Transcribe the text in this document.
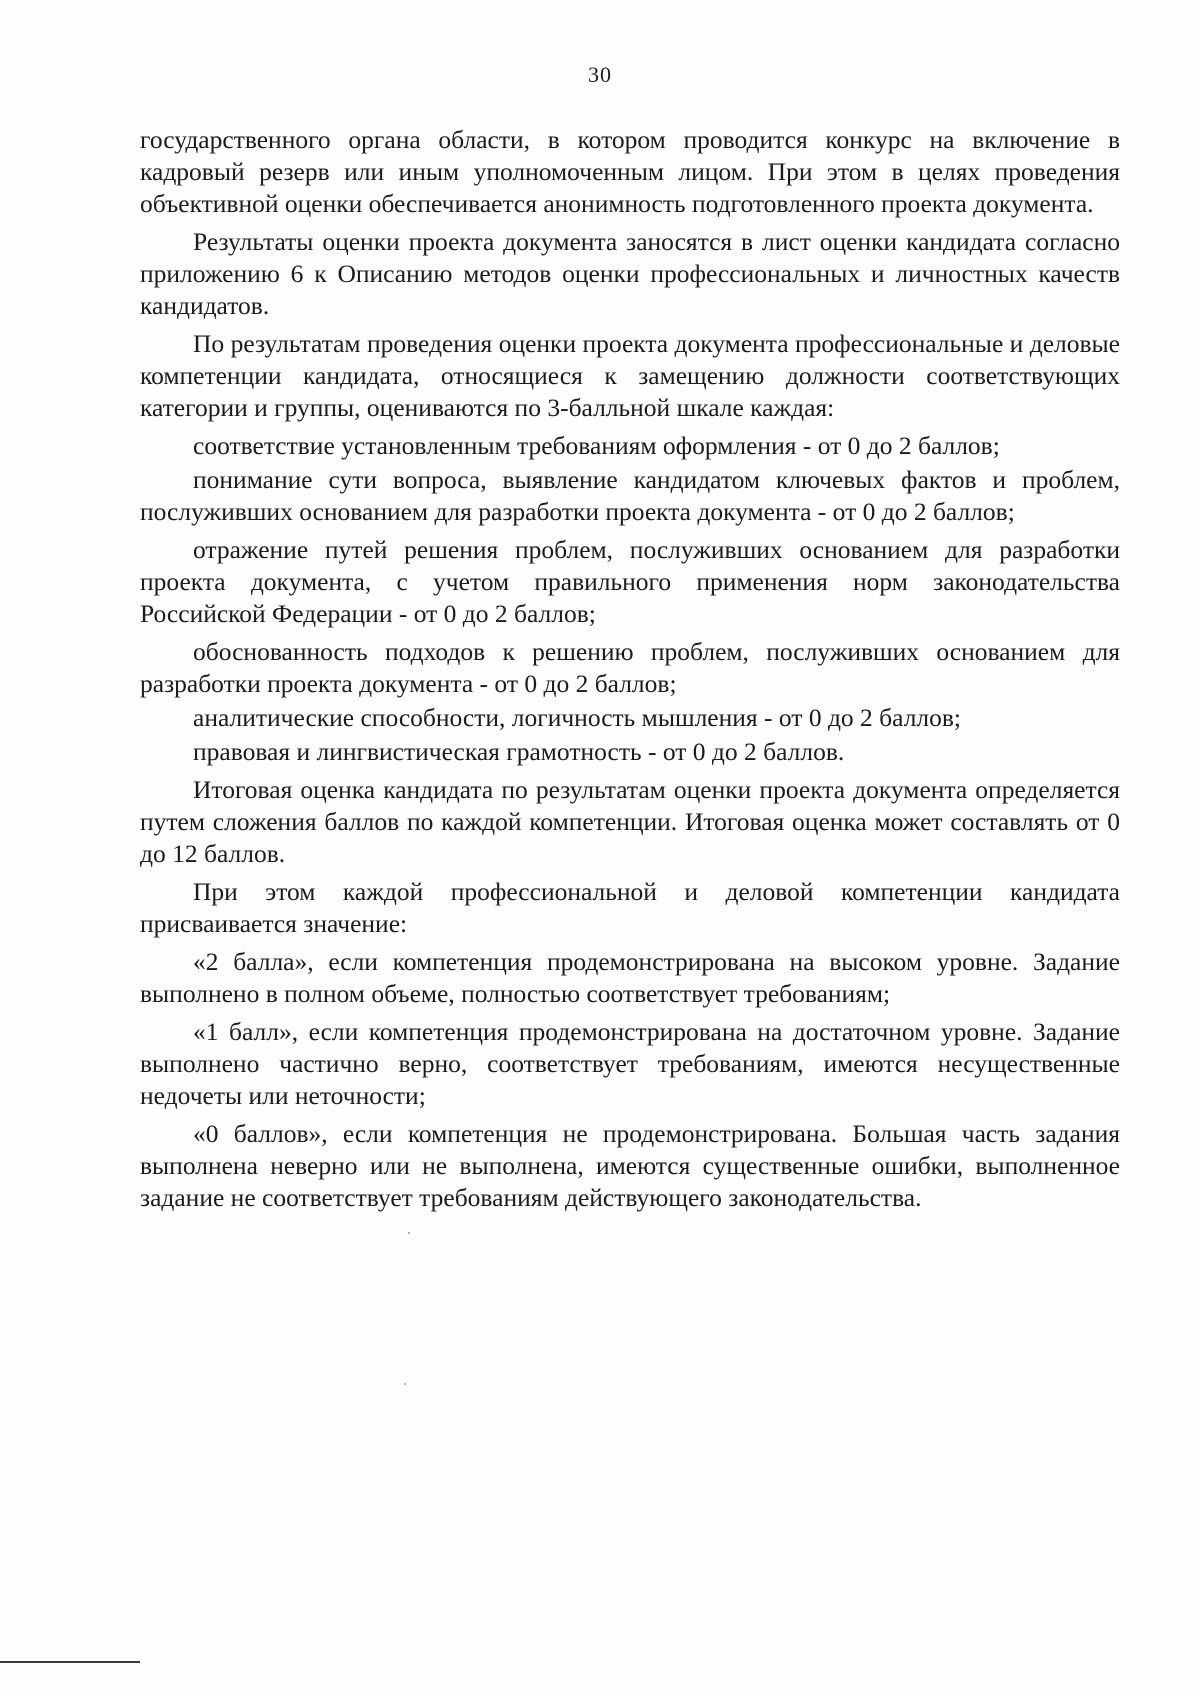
30

государственного органа области, в котором проводится конкурс на включение в кадровый резерв или иным уполномоченным лицом. При этом в целях проведения объективной оценки обеспечивается анонимность подготовленного проекта документа.

Результаты оценки проекта документа заносятся в лист оценки кандидата согласно приложению 6 к Описанию методов оценки профессиональных и личностных качеств кандидатов.

По результатам проведения оценки проекта документа профессиональные и деловые компетенции кандидата, относящиеся к замещению должности соответствующих категории и группы, оцениваются по 3-балльной шкале каждая:

соответствие установленным требованиям оформления - от 0 до 2 баллов;

понимание сути вопроса, выявление кандидатом ключевых фактов и проблем, послуживших основанием для разработки проекта документа - от 0 до 2 баллов;

отражение путей решения проблем, послуживших основанием для разработки проекта документа, с учетом правильного применения норм законодательства Российской Федерации - от 0 до 2 баллов;

обоснованность подходов к решению проблем, послуживших основанием для разработки проекта документа - от 0 до 2 баллов;

аналитические способности, логичность мышления - от 0 до 2 баллов;

правовая и лингвистическая грамотность - от 0 до 2 баллов.

Итоговая оценка кандидата по результатам оценки проекта документа определяется путем сложения баллов по каждой компетенции. Итоговая оценка может составлять от 0 до 12 баллов.

При этом каждой профессиональной и деловой компетенции кандидата присваивается значение:

«2 балла», если компетенция продемонстрирована на высоком уровне. Задание выполнено в полном объеме, полностью соответствует требованиям;

«1 балл», если компетенция продемонстрирована на достаточном уровне. Задание выполнено частично верно, соответствует требованиям, имеются несущественные недочеты или неточности;

«0 баллов», если компетенция не продемонстрирована. Большая часть задания выполнена неверно или не выполнена, имеются существенные ошибки, выполненное задание не соответствует требованиям действующего законодательства.
